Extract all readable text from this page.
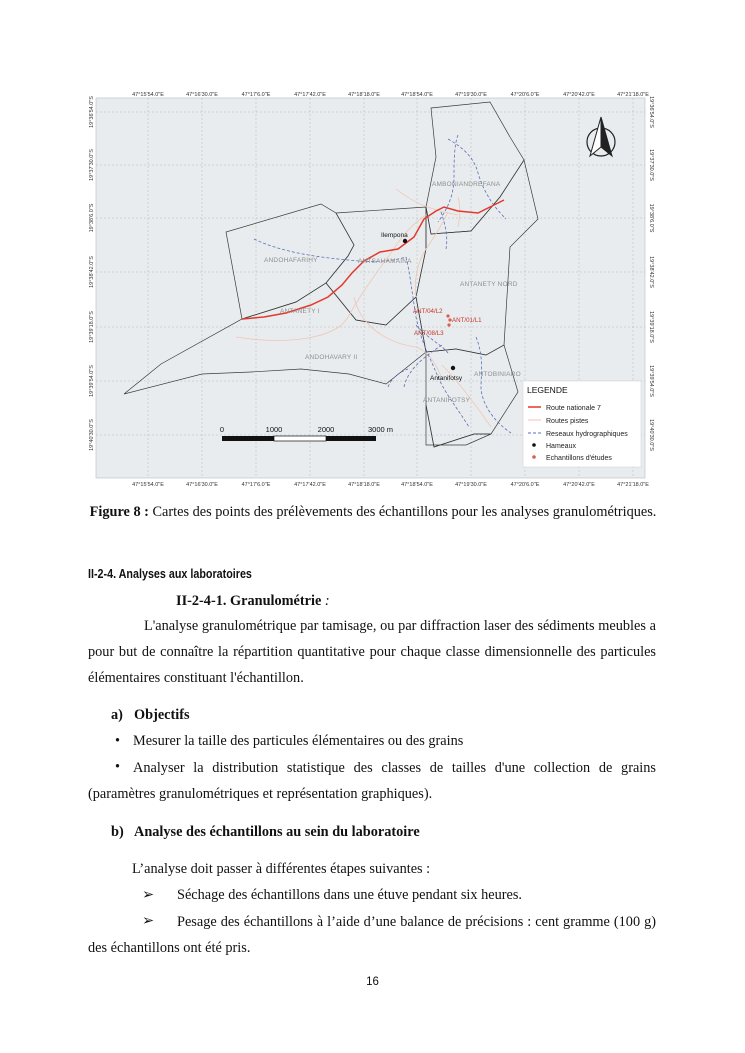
47°15'54.0"E	47°16'30.0"E	47°17'6.0"E	47°17'42.0"E	47°18'18.0"E	47°18'54.0"E	47°19'30.0"E	47°20'6.0"E	47°20'42.0"E	47°21'18.0"E
47°15'54.0"E	47°16'30.0"E	47°17'6.0"E	47°17'42.0"E	47°18'18.0"E	47°18'54.0"E	47°19'30.0"E	47°20'6.0"E	47°20'42.0"E	47°21'18.0"E
19°36'54.0"S
19°37'30.0"S
19°38'6.0"S
19°38'42.0"S
19°39'18.0"S
19°39'54.0"S
19°40'30.0"S
19°36'54.0"S
19°37'30.0"S
19°38'6.0"S
19°38'42.0"S
19°39'18.0"S
19°39'54.0"S
19°40'30.0"S
AMBONIANDREFANA
ANDOHAFARIHY	ANTSAHAMAINA
ANTANETY NORD
ANTANETY I
ANDOHAVARY II
ANTOBINIARO
ANTANIFOTSY
Ilempona
Antanifotsy
ANT/04/L2
ANT/01/L1
ANT/08/L3
0	1000	2000	3000 m
LEGENDE
Route nationale 7
Routes pistes
Reseaux hydrographiques
Hameaux
Echantillons d'études
Figure 8 : Cartes des points des prélèvements des échantillons pour les analyses granulométriques.
II-2-4. Analyses aux laboratoires
II-2-4-1. Granulométrie :
L'analyse granulométrique par tamisage, ou par diffraction laser des sédiments meubles a pour but de connaître la répartition quantitative pour chaque classe dimensionnelle des particules élémentaires constituant l'échantillon.
a) Objectifs
• Mesurer la taille des particules élémentaires ou des grains
• Analyser la distribution statistique des classes de tailles d'une collection de grains (paramètres granulométriques et représentation graphiques).
b) Analyse des échantillons au sein du laboratoire
L’analyse doit passer à différentes étapes suivantes :
➢ Séchage des échantillons dans une étuve pendant six heures.
➢	Pesage des échantillons à l’aide d’une balance de précisions : cent gramme (100 g) des échantillons ont été pris.
16
